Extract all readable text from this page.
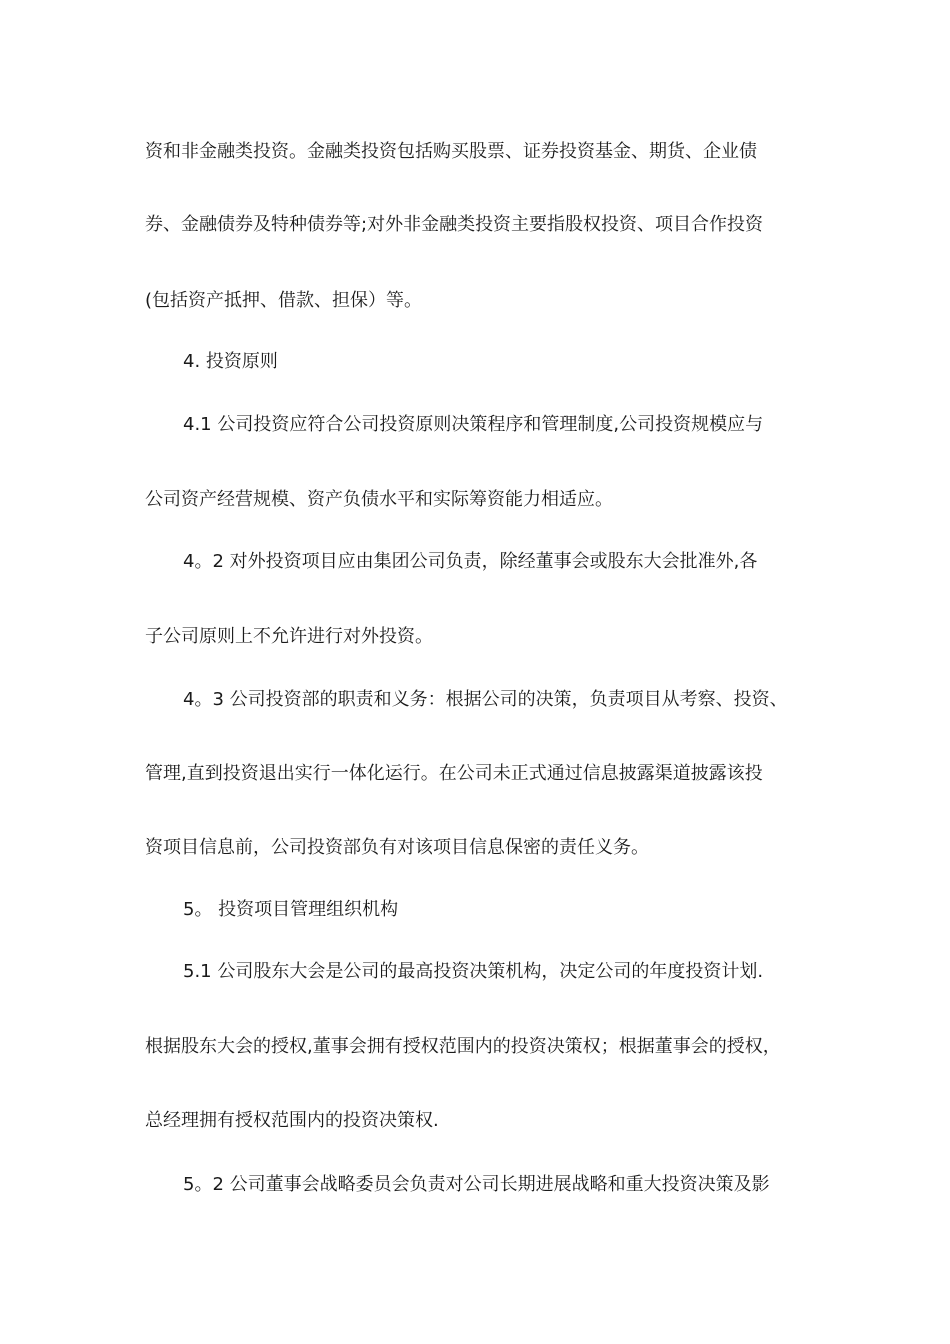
资和非金融类投资。金融类投资包括购买股票、证券投资基金、期货、企业债
券、金融债券及特种债券等;对外非金融类投资主要指股权投资、项目合作投资
(包括资产抵押、借款、担保）等。
4. 投资原则
4.1 公司投资应符合公司投资原则决策程序和管理制度,公司投资规模应与
公司资产经营规模、资产负债水平和实际筹资能力相适应。
4。2 对外投资项目应由集团公司负责，除经董事会或股东大会批准外,各
子公司原则上不允许进行对外投资。
4。3 公司投资部的职责和义务：根据公司的决策，负责项目从考察、投资、
管理,直到投资退出实行一体化运行。在公司未正式通过信息披露渠道披露该投
资项目信息前，公司投资部负有对该项目信息保密的责任义务。
5。 投资项目管理组织机构
5.1 公司股东大会是公司的最高投资决策机构，决定公司的年度投资计划.
根据股东大会的授权,董事会拥有授权范围内的投资决策权；根据董事会的授权，
总经理拥有授权范围内的投资决策权.
5。2 公司董事会战略委员会负责对公司长期进展战略和重大投资决策及影
